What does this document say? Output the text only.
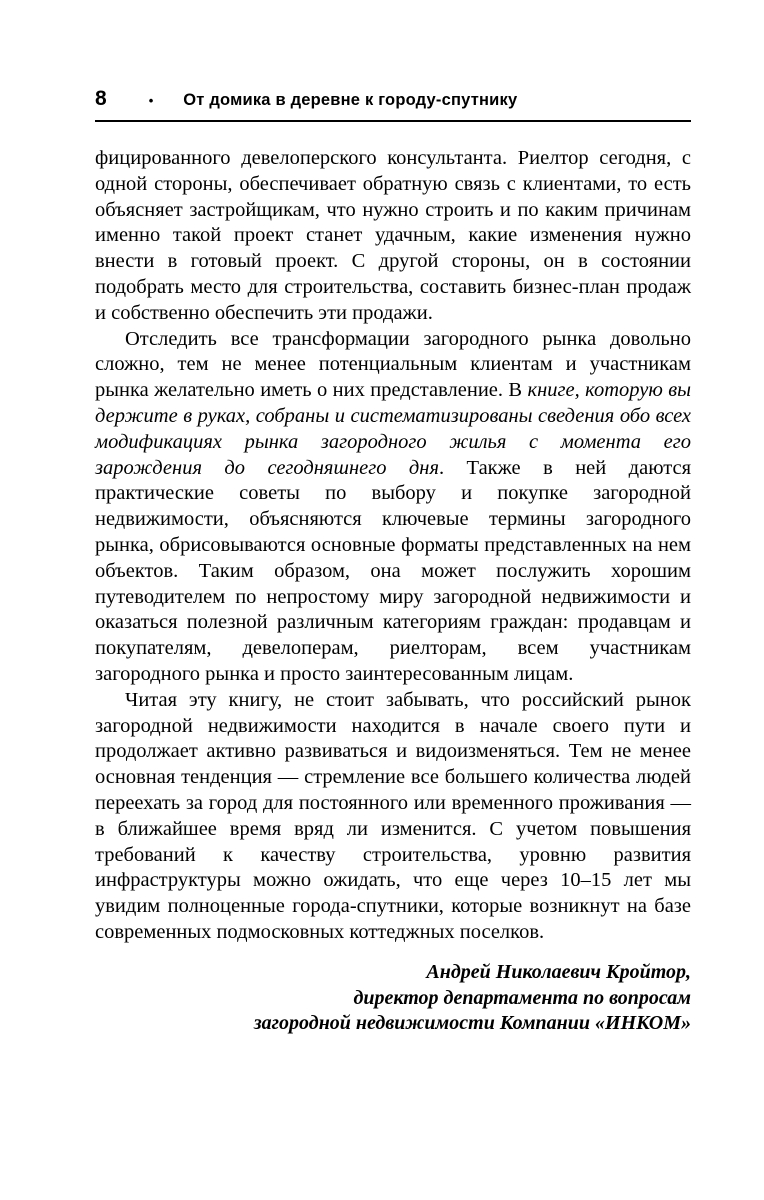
8	• От домика в деревне к городу-спутнику

фицированного девелоперского консультанта. Риелтор сегодня, с одной стороны, обеспечивает обратную связь с клиентами, то есть объясняет застройщикам, что нужно строить и по каким причинам именно такой проект станет удачным, какие изменения нужно внести в готовый проект. С другой стороны, он в состоянии подобрать место для строительства, составить бизнес-план продаж и собственно обеспечить эти продажи.

Отследить все трансформации загородного рынка довольно сложно, тем не менее потенциальным клиентам и участникам рынка желательно иметь о них представление. В книге, которую вы держите в руках, собраны и систематизированы сведения обо всех модификациях рынка загородного жилья с момента его зарождения до сегодняшнего дня. Также в ней даются практические советы по выбору и покупке загородной недвижимости, объясняются ключевые термины загородного рынка, обрисовываются основные форматы представленных на нем объектов. Таким образом, она может послужить хорошим путеводителем по непростому миру загородной недвижимости и оказаться полезной различным категориям граждан: продавцам и покупателям, девелоперам, риелторам, всем участникам загородного рынка и просто заинтересованным лицам.

Читая эту книгу, не стоит забывать, что российский рынок загородной недвижимости находится в начале своего пути и продолжает активно развиваться и видоизменяться. Тем не менее основная тенденция — стремление все большего количества людей переехать за город для постоянного или временного проживания — в ближайшее время вряд ли изменится. С учетом повышения требований к качеству строительства, уровню развития инфраструктуры можно ожидать, что еще через 10–15 лет мы увидим полноценные города-спутники, которые возникнут на базе современных подмосковных коттеджных поселков.

Андрей Николаевич Кройтор,
директор департамента по вопросам
загородной недвижимости Компании «ИНКОМ»
